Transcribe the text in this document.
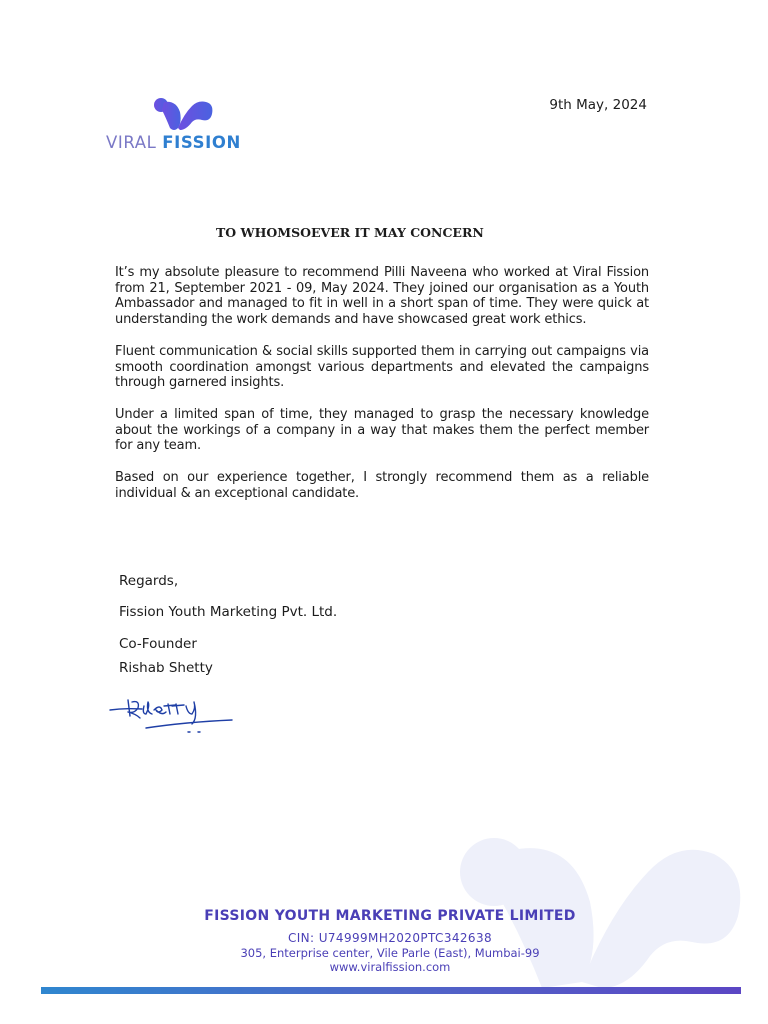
VIRAL FISSION
9th May, 2024
TO WHOMSOEVER IT MAY CONCERN

It’s my absolute pleasure to recommend Pilli Naveena who worked at Viral Fission from 21, September 2021 - 09, May 2024. They joined our organisation as a Youth Ambassador and managed to fit in well in a short span of time. They were quick at understanding the work demands and have showcased great work ethics.

Fluent communication & social skills supported them in carrying out campaigns via smooth coordination amongst various departments and elevated the campaigns through garnered insights.

Under a limited span of time, they managed to grasp the necessary knowledge about the workings of a company in a way that makes them the perfect member for any team.

Based on our experience together, I strongly recommend them as a reliable individual & an exceptional candidate.

Regards,
Fission Youth Marketing Pvt. Ltd.
Co-Founder
Rishab Shetty
FISSION YOUTH MARKETING PRIVATE LIMITED
CIN: U74999MH2020PTC342638
305, Enterprise center, Vile Parle (East), Mumbai-99
www.viralfission.com
